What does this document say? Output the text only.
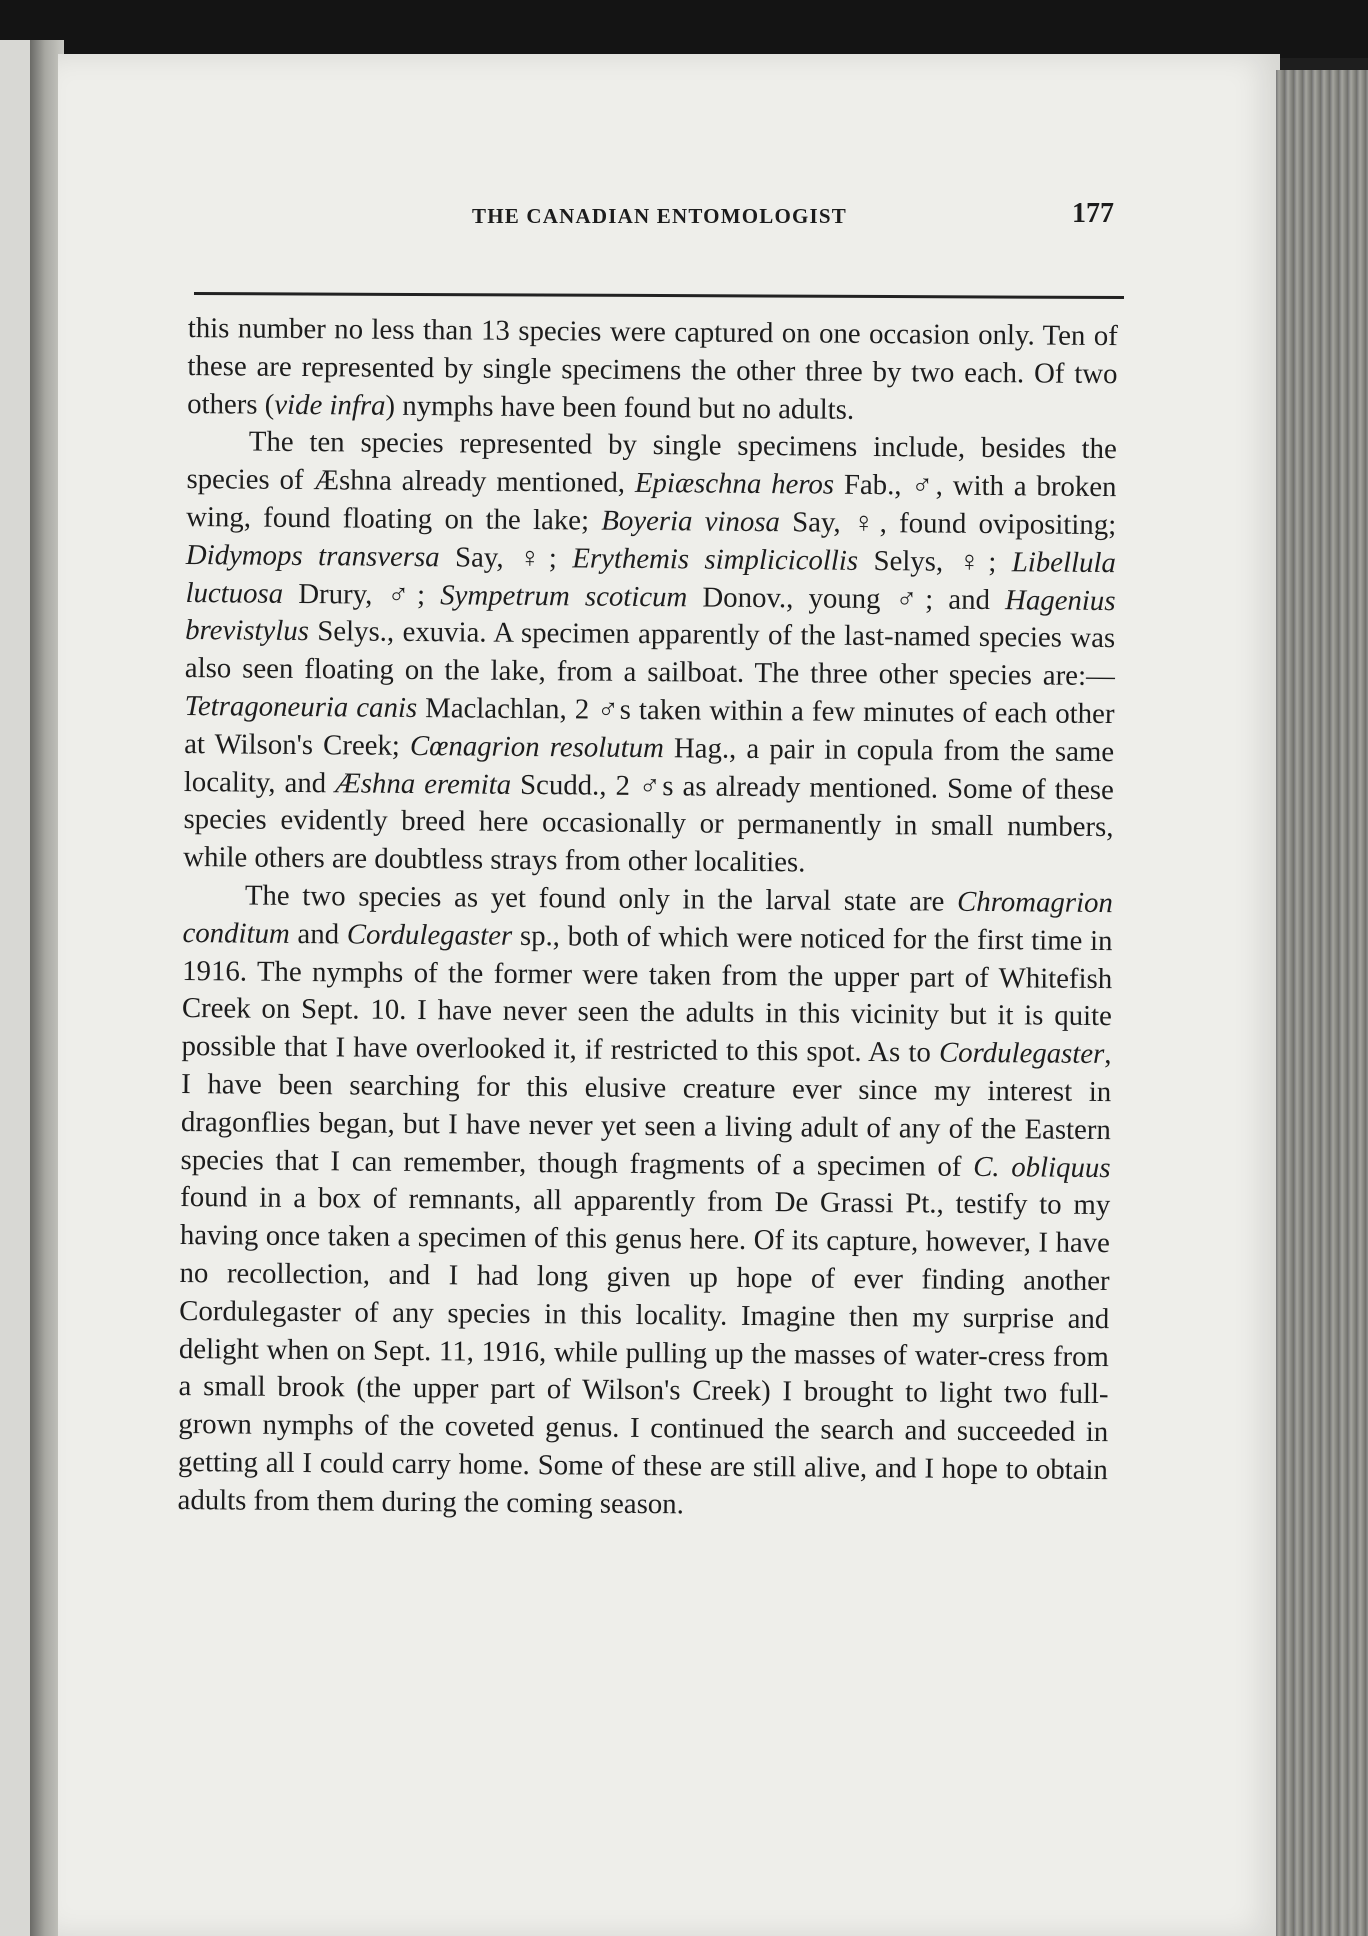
THE CANADIAN ENTOMOLOGIST	177

this number no less than 13 species were captured on one occasion only. Ten of these are represented by single specimens the other three by two each. Of two others (vide infra) nymphs have been found but no adults.

The ten species represented by single specimens include, besides the species of Æshna already mentioned, Epiæschna heros Fab., ♂, with a broken wing, found floating on the lake; Boyeria vinosa Say, ♀, found ovipositing; Didymops transversa Say, ♀; Erythemis simplicicollis Selys, ♀; Libellula luctuosa Drury, ♂; Sympetrum scoticum Donov., young ♂; and Hagenius brevistylus Selys., exuvia. A specimen apparently of the last-named species was also seen floating on the lake, from a sailboat. The three other species are:—Tetragoneuria canis Maclachlan, 2 ♂s taken within a few minutes of each other at Wilson's Creek; Cœnagrion resolutum Hag., a pair in copula from the same locality, and Æshna eremita Scudd., 2 ♂s as already mentioned. Some of these species evidently breed here occasionally or permanently in small numbers, while others are doubtless strays from other localities.

The two species as yet found only in the larval state are Chromagrion conditum and Cordulegaster sp., both of which were noticed for the first time in 1916. The nymphs of the former were taken from the upper part of Whitefish Creek on Sept. 10. I have never seen the adults in this vicinity but it is quite possible that I have overlooked it, if restricted to this spot. As to Cordulegaster, I have been searching for this elusive creature ever since my interest in dragonflies began, but I have never yet seen a living adult of any of the Eastern species that I can remember, though fragments of a specimen of C. obliquus found in a box of remnants, all apparently from De Grassi Pt., testify to my having once taken a specimen of this genus here. Of its capture, however, I have no recollection, and I had long given up hope of ever finding another Cordulegaster of any species in this locality. Imagine then my surprise and delight when on Sept. 11, 1916, while pulling up the masses of water-cress from a small brook (the upper part of Wilson's Creek) I brought to light two full-grown nymphs of the coveted genus. I continued the search and succeeded in getting all I could carry home. Some of these are still alive, and I hope to obtain adults from them during the coming season.
